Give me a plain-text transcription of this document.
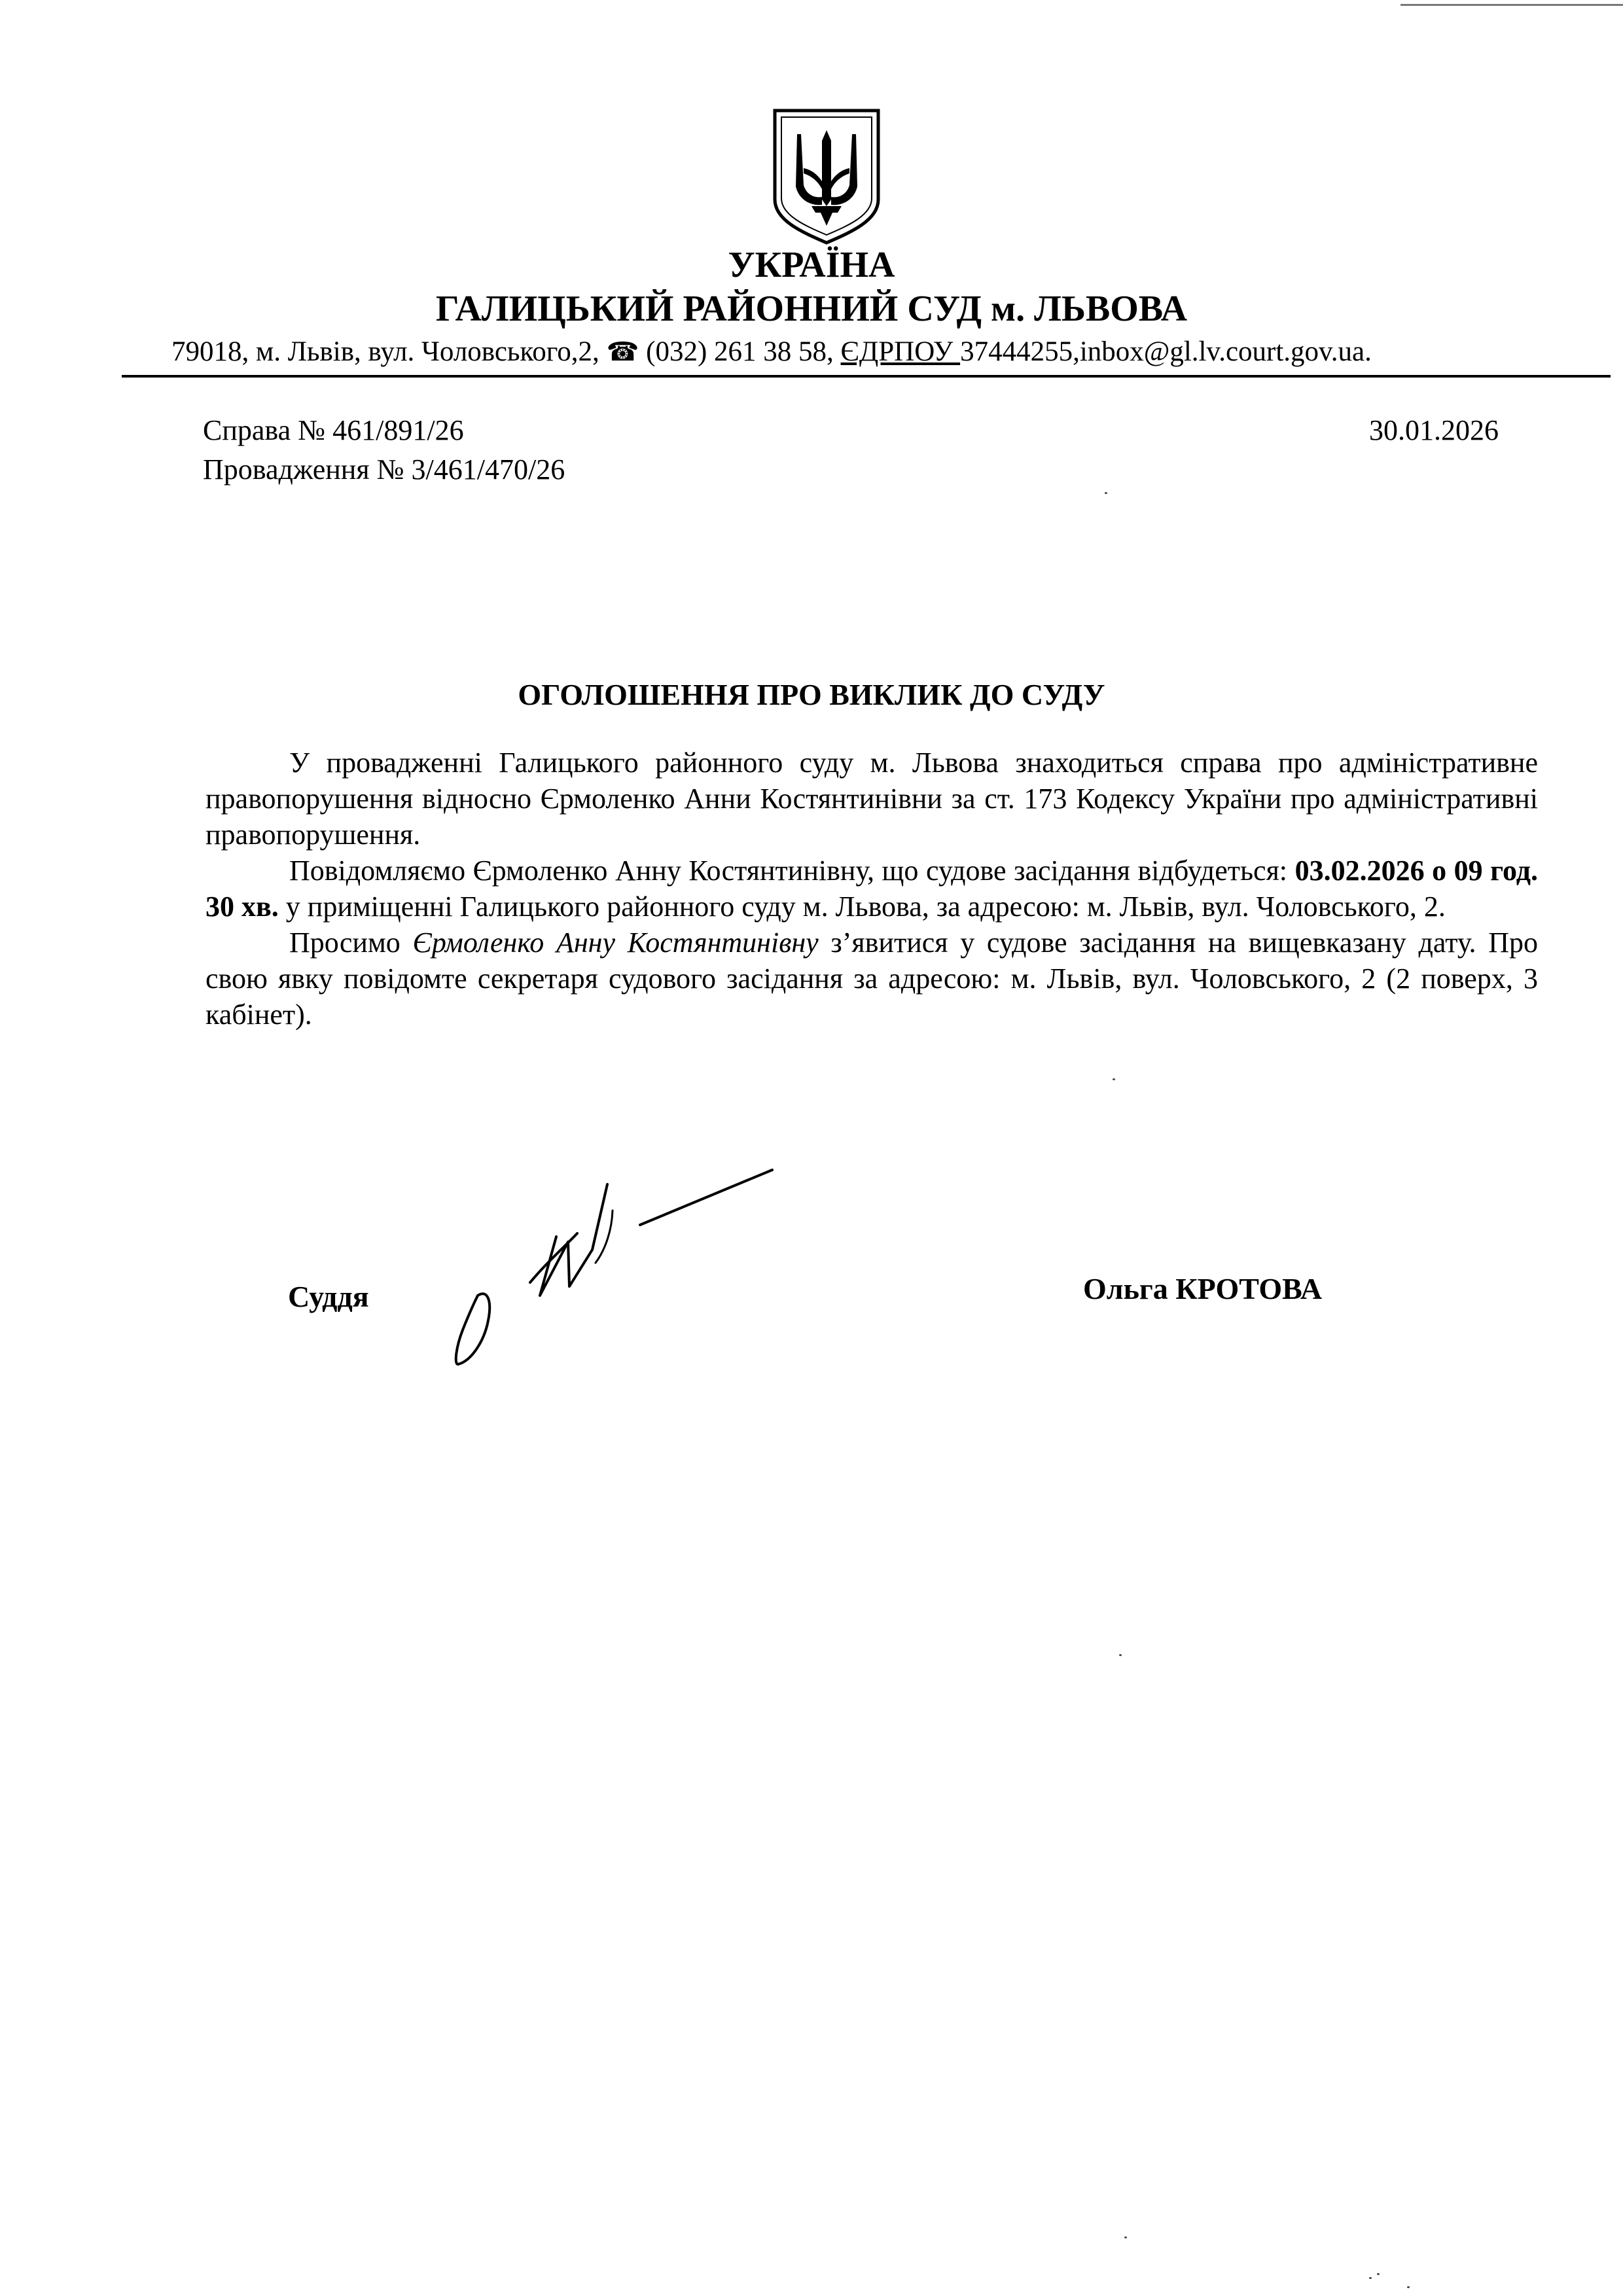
УКРАЇНА
ГАЛИЦЬКИЙ РАЙОННИЙ СУД м. ЛЬВОВА
79018, м. Львів, вул. Чоловського,2, ☎ (032) 261 38 58, ЄДРПОУ 37444255,inbox@gl.lv.court.gov.ua.
Справа № 461/891/26
Провадження № 3/461/470/26
30.01.2026
ОГОЛОШЕННЯ ПРО ВИКЛИК ДО СУДУ

У провадженні Галицького районного суду м. Львова знаходиться справа про адміністративне правопорушення відносно Єрмоленко Анни Костянтинівни за ст. 173 Кодексу України про адміністративні правопорушення.

Повідомляємо Єрмоленко Анну Костянтинівну, що судове засідання відбудеться: 03.02.2026 о 09 год. 30 хв. у приміщенні Галицького районного суду м. Львова, за адресою: м. Львів, вул. Чоловського, 2.

Просимо Єрмоленко Анну Костянтинівну з’явитися у судове засідання на вищевказану дату. Про свою явку повідомте секретаря судового засідання за адресою: м. Львів, вул. Чоловського, 2 (2 поверх, 3 кабінет).

Суддя	Ольга КРОТОВА
